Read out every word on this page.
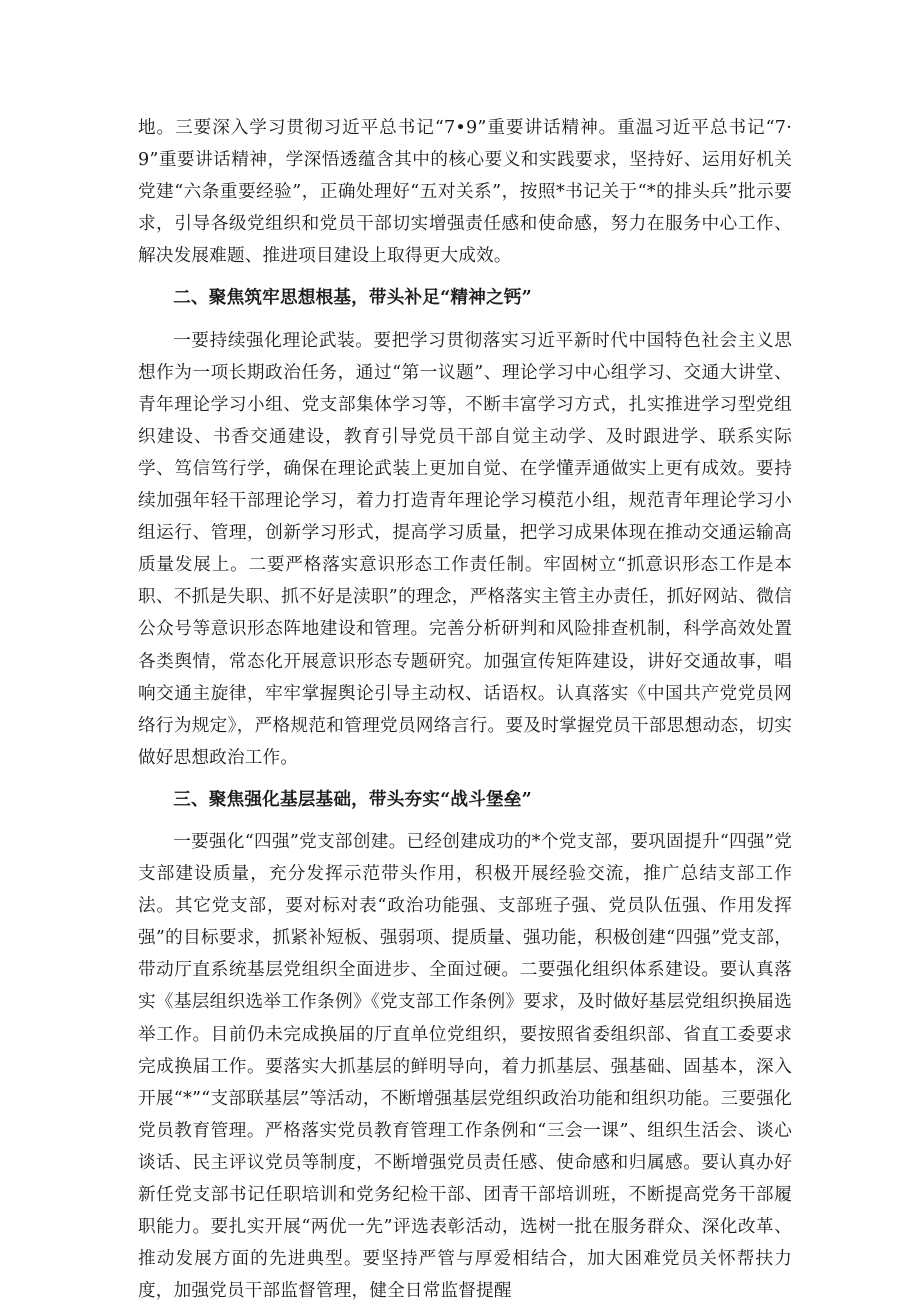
地。三要深入学习贯彻习近平总书记“7•9”重要讲话精神。重温习近平总书记“7·9”重要讲话精神，学深悟透蕴含其中的核心要义和实践要求，坚持好、运用好机关党建“六条重要经验”，正确处理好“五对关系”，按照*书记关于“*的排头兵”批示要求，引导各级党组织和党员干部切实增强责任感和使命感，努力在服务中心工作、解决发展难题、推进项目建设上取得更大成效。

二、聚焦筑牢思想根基，带头补足“精神之钙”

一要持续强化理论武装。要把学习贯彻落实习近平新时代中国特色社会主义思想作为一项长期政治任务，通过“第一议题”、理论学习中心组学习、交通大讲堂、青年理论学习小组、党支部集体学习等，不断丰富学习方式，扎实推进学习型党组织建设、书香交通建设，教育引导党员干部自觉主动学、及时跟进学、联系实际学、笃信笃行学，确保在理论武装上更加自觉、在学懂弄通做实上更有成效。要持续加强年轻干部理论学习，着力打造青年理论学习模范小组，规范青年理论学习小组运行、管理，创新学习形式，提高学习质量，把学习成果体现在推动交通运输高质量发展上。二要严格落实意识形态工作责任制。牢固树立“抓意识形态工作是本职、不抓是失职、抓不好是渎职”的理念，严格落实主管主办责任，抓好网站、微信公众号等意识形态阵地建设和管理。完善分析研判和风险排查机制，科学高效处置各类舆情，常态化开展意识形态专题研究。加强宣传矩阵建设，讲好交通故事，唱响交通主旋律，牢牢掌握舆论引导主动权、话语权。认真落实《中国共产党党员网络行为规定》，严格规范和管理党员网络言行。要及时掌握党员干部思想动态，切实做好思想政治工作。

三、聚焦强化基层基础，带头夯实“战斗堡垒”

一要强化“四强”党支部创建。已经创建成功的*个党支部，要巩固提升“四强”党支部建设质量，充分发挥示范带头作用，积极开展经验交流，推广总结支部工作法。其它党支部，要对标对表“政治功能强、支部班子强、党员队伍强、作用发挥强”的目标要求，抓紧补短板、强弱项、提质量、强功能，积极创建“四强”党支部，带动厅直系统基层党组织全面进步、全面过硬。二要强化组织体系建设。要认真落实《基层组织选举工作条例》《党支部工作条例》要求，及时做好基层党组织换届选举工作。目前仍未完成换届的厅直单位党组织，要按照省委组织部、省直工委要求完成换届工作。要落实大抓基层的鲜明导向，着力抓基层、强基础、固基本，深入开展“*”“支部联基层”等活动，不断增强基层党组织政治功能和组织功能。三要强化党员教育管理。严格落实党员教育管理工作条例和“三会一课”、组织生活会、谈心谈话、民主评议党员等制度，不断增强党员责任感、使命感和归属感。要认真办好新任党支部书记任职培训和党务纪检干部、团青干部培训班，不断提高党务干部履职能力。要扎实开展“两优一先”评选表彰活动，选树一批在服务群众、深化改革、推动发展方面的先进典型。要坚持严管与厚爱相结合，加大困难党员关怀帮扶力度，加强党员干部监督管理，健全日常监督提醒
